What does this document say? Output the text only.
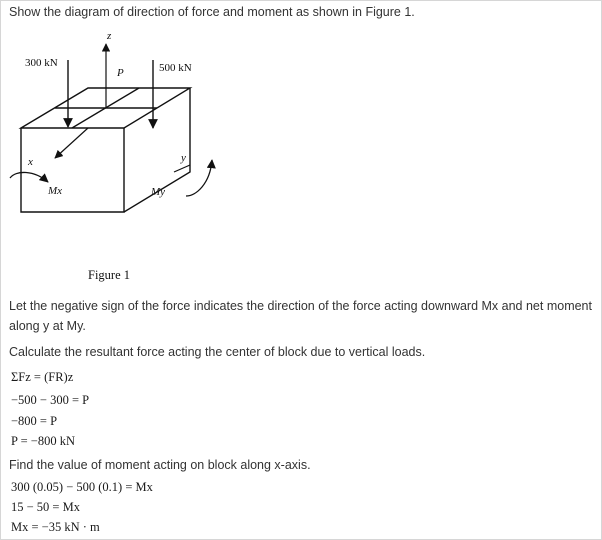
Show the diagram of direction of force and moment as shown in Figure 1.
z
300 kN	500 kN
P
x	y
Mx	My
Figure 1
Let the negative sign of the force indicates the direction of the force acting downward Mx and net moment
along y at My.
Calculate the resultant force acting the center of block due to vertical loads.
ΣFz = (FR)z
−500 − 300 = P
−800 = P
P = −800 kN
Find the value of moment acting on block along x-axis.
300 (0.05) − 500 (0.1) = Mx
15 − 50 = Mx
Mx = −35 kN · m
